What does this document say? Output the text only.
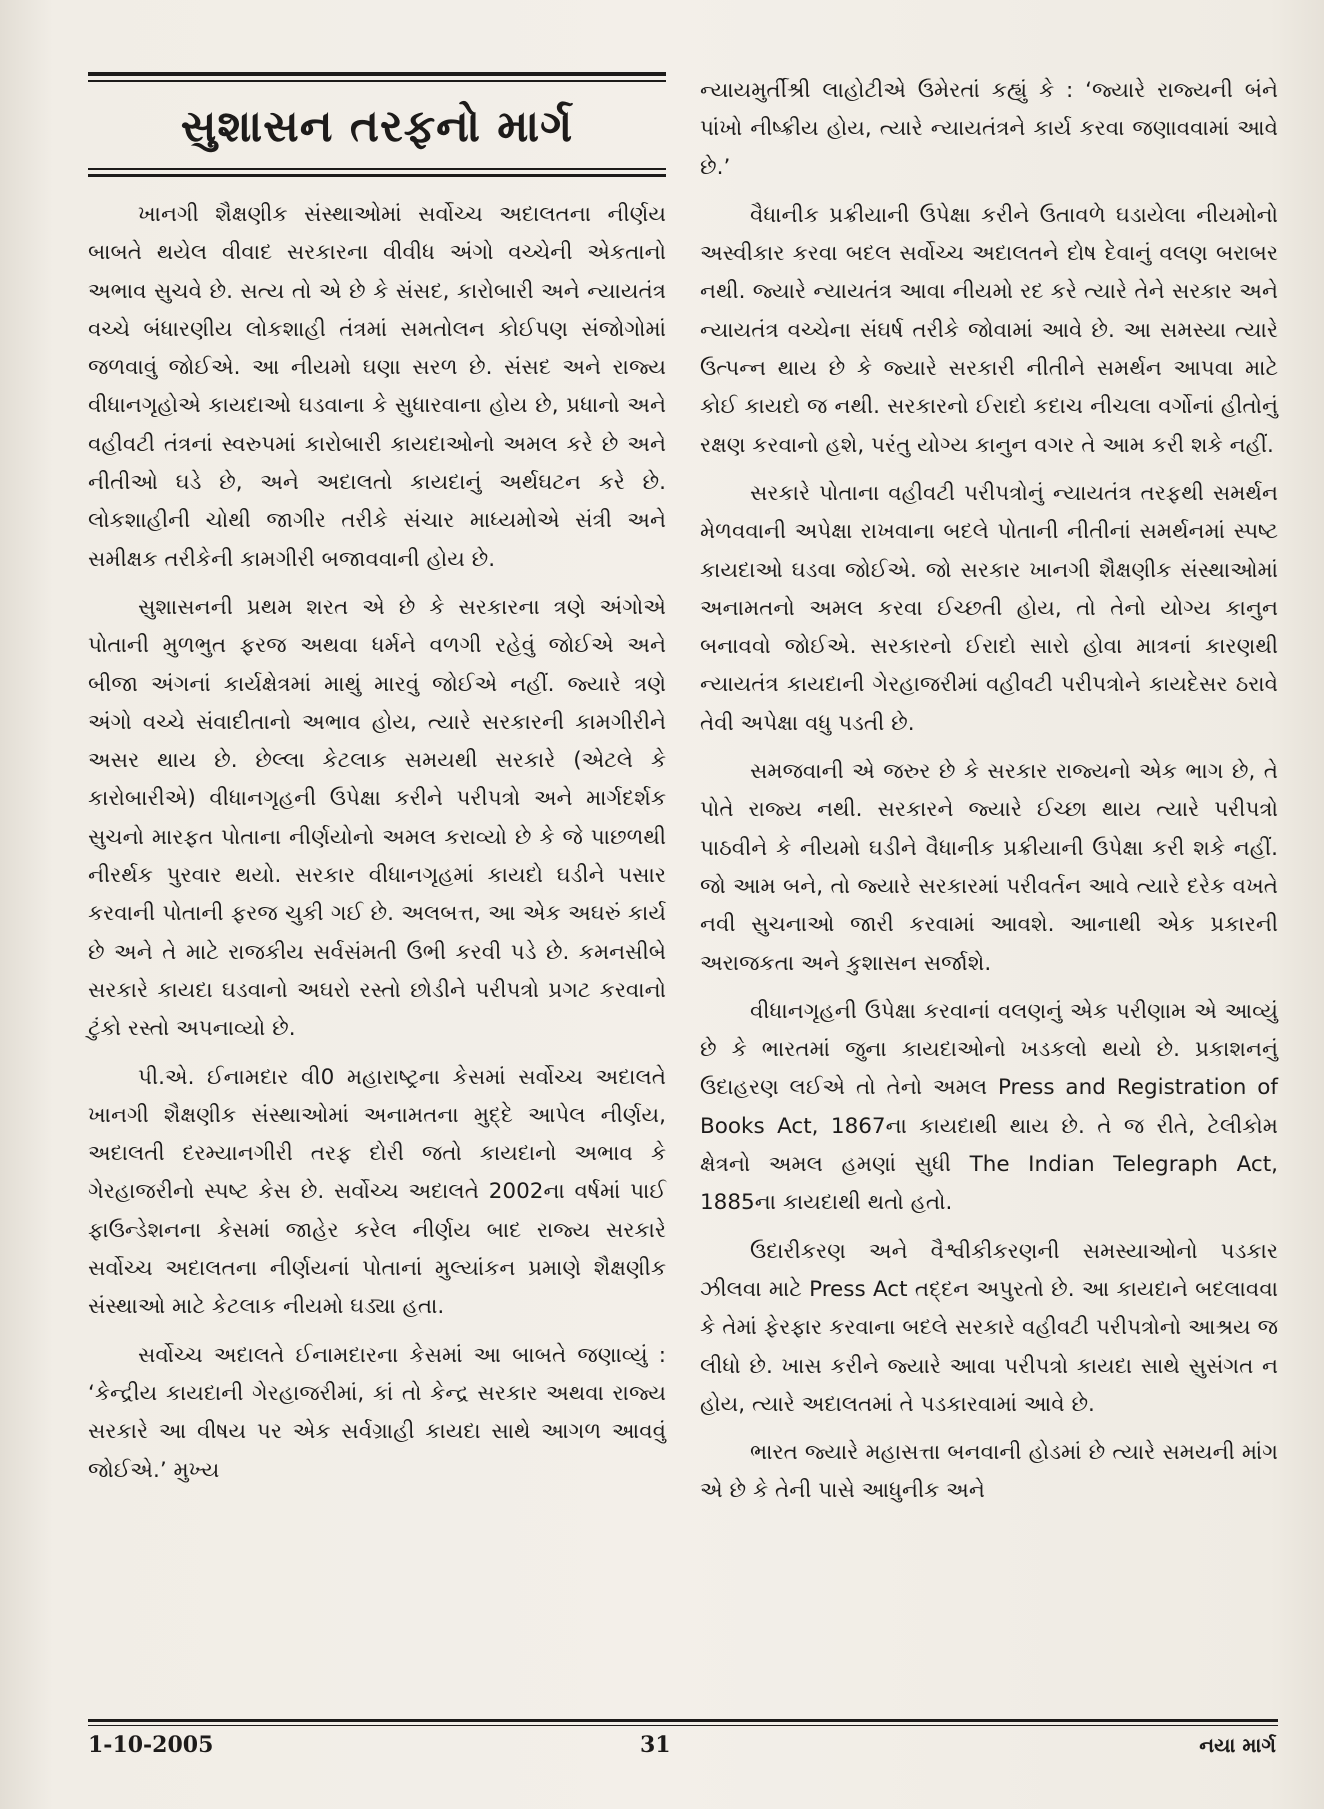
સુશાસન તરફનો માર્ગ

ખાનગી શૈક્ષણીક સંસ્થાઓમાં સર્વોચ્ચ અદાલતના નીર્ણય બાબતે થયેલ વીવાદ સરકારના વીવીધ અંગો વચ્ચેની એકતાનો અભાવ સુચવે છે. સત્ય તો એ છે કે સંસદ, કારોબારી અને ન્યાયતંત્ર વચ્ચે બંધારણીય લોકશાહી તંત્રમાં સમતોલન કોઈપણ સંજોગોમાં જળવાવું જોઈએ. આ નીયમો ઘણા સરળ છે. સંસદ અને રાજ્ય વીધાનગૃહોએ કાયદાઓ ઘડવાના કે સુધારવાના હોય છે, પ્રધાનો અને વહીવટી તંત્રનાં સ્વરુપમાં કારોબારી કાયદાઓનો અમલ કરે છે અને નીતીઓ ઘડે છે, અને અદાલતો કાયદાનું અર્થઘટન કરે છે. લોકશાહીની ચોથી જાગીર તરીકે સંચાર માધ્યમોએ સંત્રી અને સમીક્ષક તરીકેની કામગીરી બજાવવાની હોય છે.

સુશાસનની પ્રથમ શરત એ છે કે સરકારના ત્રણે અંગોએ પોતાની મુળભુત ફરજ અથવા ધર્મને વળગી રહેવું જોઈએ અને બીજા અંગનાં કાર્યક્ષેત્રમાં માથું મારવું જોઈએ નહીં. જ્યારે ત્રણે અંગો વચ્ચે સંવાદીતાનો અભાવ હોય, ત્યારે સરકારની કામગીરીને અસર થાય છે. છેલ્લા કેટલાક સમયથી સરકારે (એટલે કે કારોબારીએ) વીધાનગૃહની ઉપેક્ષા કરીને પરીપત્રો અને માર્ગદર્શક સુચનો મારફત પોતાના નીર્ણયોનો અમલ કરાવ્યો છે કે જે પાછળથી નીરર્થક પુરવાર થયો. સરકાર વીધાનગૃહમાં કાયદો ઘડીને પસાર કરવાની પોતાની ફરજ ચુકી ગઈ છે. અલબત્ત, આ એક અઘરું કાર્ય છે અને તે માટે રાજકીય સર્વસંમતી ઉભી કરવી પડે છે. કમનસીબે સરકારે કાયદા ઘડવાનો અઘરો રસ્તો છોડીને પરીપત્રો પ્રગટ કરવાનો ટુંકો રસ્તો અપનાવ્યો છે.

પી.એ. ઈનામદાર વી0 મહારાષ્ટ્રના કેસમાં સર્વોચ્ચ અદાલતે ખાનગી શૈક્ષણીક સંસ્થાઓમાં અનામતના મુદ્દે આપેલ નીર્ણય, અદાલતી દરમ્યાનગીરી તરફ દોરી જતો કાયદાનો અભાવ કે ગેરહાજરીનો સ્પષ્ટ કેસ છે. સર્વોચ્ચ અદાલતે 2002ના વર્ષમાં પાઈ ફાઉન્ડેશનના કેસમાં જાહેર કરેલ નીર્ણય બાદ રાજ્ય સરકારે સર્વોચ્ચ અદાલતના નીર્ણયનાં પોતાનાં મુલ્યાંકન પ્રમાણે શૈક્ષણીક સંસ્થાઓ માટે કેટલાક નીયમો ઘડ્યા હતા.

સર્વોચ્ચ અદાલતે ઈનામદારના કેસમાં આ બાબતે જણાવ્યું : ‘કેન્દ્રીય કાયદાની ગેરહાજરીમાં, કાં તો કેન્દ્ર સરકાર અથવા રાજ્ય સરકારે આ વીષય પર એક સર્વગ્રાહી કાયદા સાથે આગળ આવવું જોઈએ.’ મુખ્ય

ન્યાયમુર્તીશ્રી લાહોટીએ ઉમેરતાં કહ્યું કે : ‘જ્યારે રાજ્યની બંને પાંખો નીષ્ક્રીય હોય, ત્યારે ન્યાયતંત્રને કાર્ય કરવા જણાવવામાં આવે છે.’

વૈધાનીક પ્રક્રીયાની ઉપેક્ષા કરીને ઉતાવળે ઘડાયેલા નીયમોનો અસ્વીકાર કરવા બદલ સર્વોચ્ચ અદાલતને દોષ દેવાનું વલણ બરાબર નથી. જ્યારે ન્યાયતંત્ર આવા નીયમો રદ કરે ત્યારે તેને સરકાર અને ન્યાયતંત્ર વચ્ચેના સંઘર્ષ તરીકે જોવામાં આવે છે. આ સમસ્યા ત્યારે ઉત્પન્ન થાય છે કે જ્યારે સરકારી નીતીને સમર્થન આપવા માટે કોઈ કાયદો જ નથી. સરકારનો ઈરાદો કદાચ નીચલા વર્ગોનાં હીતોનું રક્ષણ કરવાનો હશે, પરંતુ યોગ્ય કાનુન વગર તે આમ કરી શકે નહીં.

સરકારે પોતાના વહીવટી પરીપત્રોનું ન્યાયતંત્ર તરફથી સમર્થન મેળવવાની અપેક્ષા રાખવાના બદલે પોતાની નીતીનાં સમર્થનમાં સ્પષ્ટ કાયદાઓ ઘડવા જોઈએ. જો સરકાર ખાનગી શૈક્ષણીક સંસ્થાઓમાં અનામતનો અમલ કરવા ઈચ્છતી હોય, તો તેનો યોગ્ય કાનુન બનાવવો જોઈએ. સરકારનો ઈરાદો સારો હોવા માત્રનાં કારણથી ન્યાયતંત્ર કાયદાની ગેરહાજરીમાં વહીવટી પરીપત્રોને કાયદેસર ઠરાવે તેવી અપેક્ષા વધુ પડતી છે.

સમજવાની એ જરુર છે કે સરકાર રાજ્યનો એક ભાગ છે, તે પોતે રાજ્ય નથી. સરકારને જ્યારે ઈચ્છા થાય ત્યારે પરીપત્રો પાઠવીને કે નીયમો ઘડીને વૈધાનીક પ્રક્રીયાની ઉપેક્ષા કરી શકે નહીં. જો આમ બને, તો જ્યારે સરકારમાં પરીવર્તન આવે ત્યારે દરેક વખતે નવી સુચનાઓ જારી કરવામાં આવશે. આનાથી એક પ્રકારની અરાજકતા અને કુશાસન સર્જાશે.

વીધાનગૃહની ઉપેક્ષા કરવાનાં વલણનું એક પરીણામ એ આવ્યું છે કે ભારતમાં જુના કાયદાઓનો ખડકલો થયો છે. પ્રકાશનનું ઉદાહરણ લઈએ તો તેનો અમલ Press and Registration of Books Act, 1867ના કાયદાથી થાય છે. તે જ રીતે, ટેલીકોમ ક્ષેત્રનો અમલ હમણાં સુધી The Indian Telegraph Act, 1885ના કાયદાથી થતો હતો.

ઉદારીકરણ અને વૈશ્વીકીકરણની સમસ્યાઓનો પડકાર ઝીલવા માટે Press Act તદ્દન અપુરતો છે. આ કાયદાને બદલાવવા કે તેમાં ફેરફાર કરવાના બદલે સરકારે વહીવટી પરીપત્રોનો આશ્રય જ લીધો છે. ખાસ કરીને જ્યારે આવા પરીપત્રો કાયદા સાથે સુસંગત ન હોય, ત્યારે અદાલતમાં તે પડકારવામાં આવે છે.

ભારત જ્યારે મહાસત્તા બનવાની હોડમાં છે ત્યારે સમયની માંગ એ છે કે તેની પાસે આધુનીક અને

1-10-2005	31	નયા માર્ગ
